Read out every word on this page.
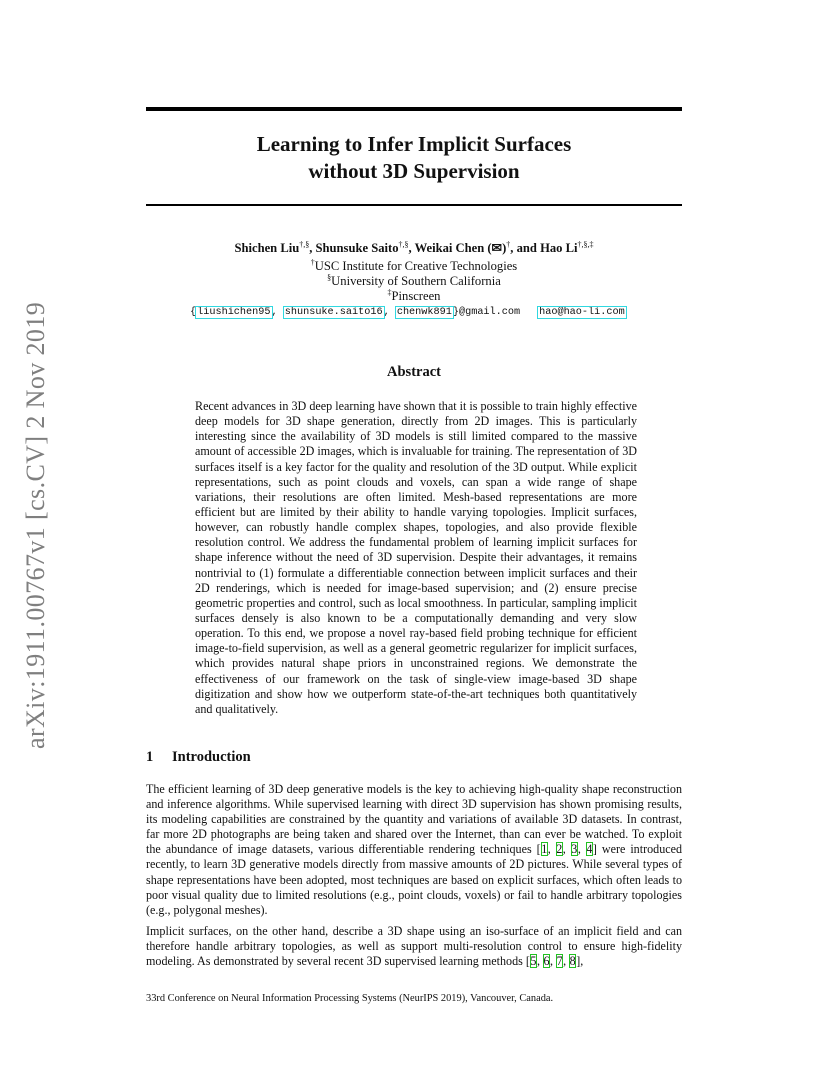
arXiv:1911.00767v1 [cs.CV] 2 Nov 2019
Learning to Infer Implicit Surfaces
without 3D Supervision
Shichen Liu†,§, Shunsuke Saito†,§, Weikai Chen (✉)†, and Hao Li†,§,‡
†USC Institute for Creative Technologies
§University of Southern California
‡Pinscreen
{liushichen95, shunsuke.saito16, chenwk891}@gmail.com hao@hao-li.com
Abstract
Recent advances in 3D deep learning have shown that it is possible to train highly effective deep models for 3D shape generation, directly from 2D images. This is particularly interesting since the availability of 3D models is still limited compared to the massive amount of accessible 2D images, which is invaluable for training. The representation of 3D surfaces itself is a key factor for the quality and resolution of the 3D output. While explicit representations, such as point clouds and voxels, can span a wide range of shape variations, their resolutions are often limited. Mesh-based representations are more efficient but are limited by their ability to handle varying topologies. Implicit surfaces, however, can robustly handle complex shapes, topologies, and also provide flexible resolution control. We address the fundamental problem of learning implicit surfaces for shape inference without the need of 3D supervision. Despite their advantages, it remains nontrivial to (1) formulate a differentiable connection between implicit surfaces and their 2D renderings, which is needed for image-based supervision; and (2) ensure precise geometric properties and control, such as local smoothness. In particular, sampling implicit surfaces densely is also known to be a computationally demanding and very slow operation. To this end, we propose a novel ray-based field probing technique for efficient image-to-field supervision, as well as a general geometric regularizer for implicit surfaces, which provides natural shape priors in unconstrained regions. We demonstrate the effectiveness of our framework on the task of single-view image-based 3D shape digitization and show how we outperform state-of-the-art techniques both quantitatively and qualitatively.
1 Introduction
The efficient learning of 3D deep generative models is the key to achieving high-quality shape reconstruction and inference algorithms. While supervised learning with direct 3D supervision has shown promising results, its modeling capabilities are constrained by the quantity and variations of available 3D datasets. In contrast, far more 2D photographs are being taken and shared over the Internet, than can ever be watched. To exploit the abundance of image datasets, various differentiable rendering techniques [1, 2, 3, 4] were introduced recently, to learn 3D generative models directly from massive amounts of 2D pictures. While several types of shape representations have been adopted, most techniques are based on explicit surfaces, which often leads to poor visual quality due to limited resolutions (e.g., point clouds, voxels) or fail to handle arbitrary topologies (e.g., polygonal meshes).
Implicit surfaces, on the other hand, describe a 3D shape using an iso-surface of an implicit field and can therefore handle arbitrary topologies, as well as support multi-resolution control to ensure high-fidelity modeling. As demonstrated by several recent 3D supervised learning methods [5, 6, 7, 8],
33rd Conference on Neural Information Processing Systems (NeurIPS 2019), Vancouver, Canada.
